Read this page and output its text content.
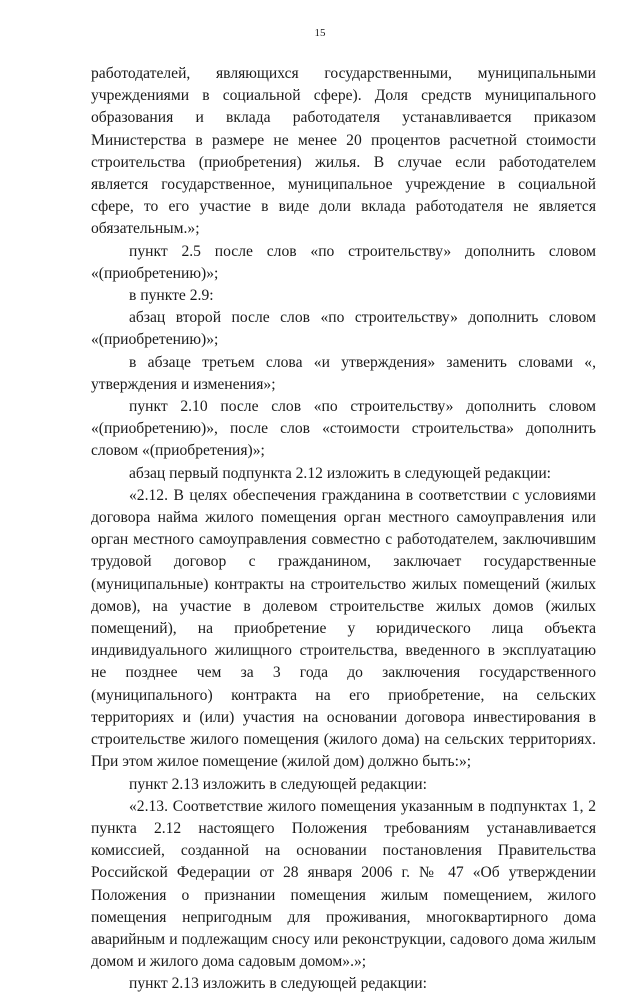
15

работодателей, являющихся государственными, муниципальными учреждениями в социальной сфере). Доля средств муниципального образования и вклада работодателя устанавливается приказом Министерства в размере не менее 20 процентов расчетной стоимости строительства (приобретения) жилья. В случае если работодателем является государственное, муниципальное учреждение в социальной сфере, то его участие в виде доли вклада работодателя не является обязательным.»;

пункт 2.5 после слов «по строительству» дополнить словом «(приобретению)»;

в пункте 2.9:

абзац второй после слов «по строительству» дополнить словом «(приобретению)»;

в абзаце третьем слова «и утверждения» заменить словами «, утверждения и изменения»;

пункт 2.10 после слов «по строительству» дополнить словом «(приобретению)», после слов «стоимости строительства» дополнить словом «(приобретения)»;

абзац первый подпункта 2.12 изложить в следующей редакции:

«2.12. В целях обеспечения гражданина в соответствии с условиями договора найма жилого помещения орган местного самоуправления или орган местного самоуправления совместно с работодателем, заключившим трудовой договор с гражданином, заключает государственные (муниципальные) контракты на строительство жилых помещений (жилых домов), на участие в долевом строительстве жилых домов (жилых помещений), на приобретение у юридического лица объекта индивидуального жилищного строительства, введенного в эксплуатацию не позднее чем за 3 года до заключения государственного (муниципального) контракта на его приобретение, на сельских территориях и (или) участия на основании договора инвестирования в строительстве жилого помещения (жилого дома) на сельских территориях. При этом жилое помещение (жилой дом) должно быть:»;

пункт 2.13 изложить в следующей редакции:

«2.13. Соответствие жилого помещения указанным в подпунктах 1, 2 пункта 2.12 настоящего Положения требованиям устанавливается комиссией, созданной на основании постановления Правительства Российской Федерации от 28 января 2006 г. № 47 «Об утверждении Положения о признании помещения жилым помещением, жилого помещения непригодным для проживания, многоквартирного дома аварийным и подлежащим сносу или реконструкции, садового дома жилым домом и жилого дома садовым домом».»;

пункт 2.13 изложить в следующей редакции:
